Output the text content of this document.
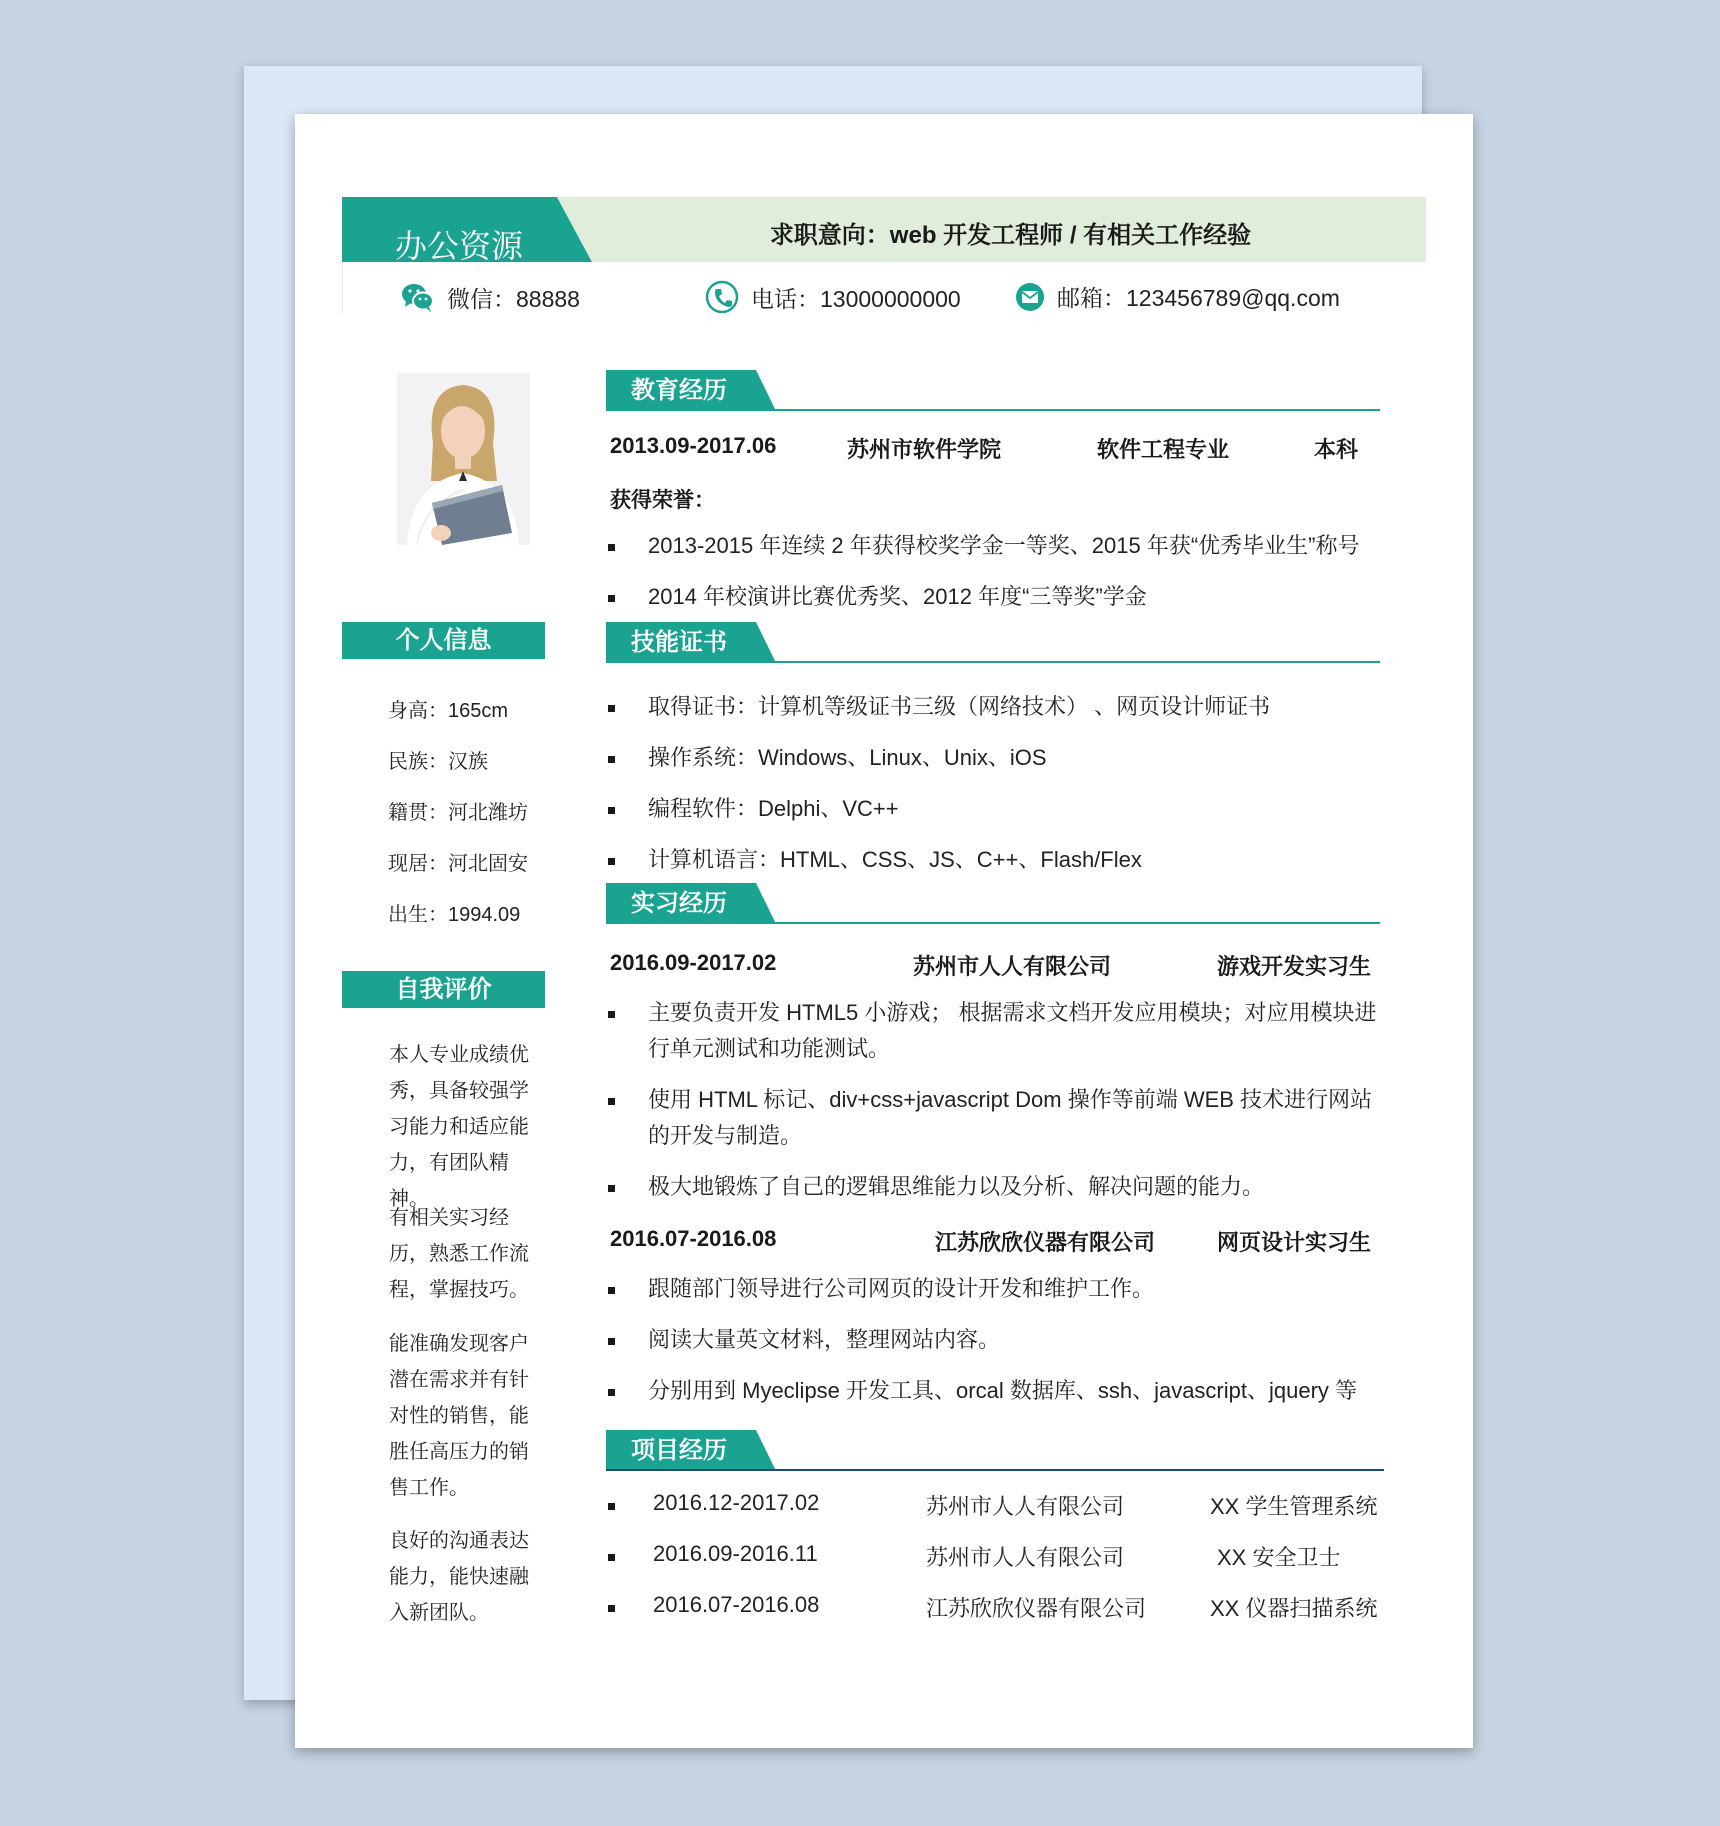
办公资源	求职意向：web 开发工程师 / 有相关工作经验
微信：88888	电话：13000000000	邮箱：123456789@qq.com
个人信息
身高：165cm
民族：汉族
籍贯：河北潍坊
现居：河北固安
出生：1994.09
自我评价
本人专业成绩优
秀，具备较强学
习能力和适应能
力，有团队精神。
有相关实习经
历，熟悉工作流
程，掌握技巧。
能准确发现客户
潜在需求并有针
对性的销售，能
胜任高压力的销
售工作。
良好的沟通表达
能力，能快速融
入新团队。
教育经历
2013.09-2017.06	苏州市软件学院	软件工程专业	本科
获得荣誉：
2013-2015 年连续 2 年获得校奖学金一等奖、2015 年获“优秀毕业生”称号
2014 年校演讲比赛优秀奖、2012 年度“三等奖”学金
技能证书
取得证书：计算机等级证书三级（网络技术） 、网页设计师证书
操作系统：Windows、Linux、Unix、iOS
编程软件：Delphi、VC++
计算机语言：HTML、CSS、JS、C++、Flash/Flex
实习经历
2016.09-2017.02	苏州市人人有限公司	游戏开发实习生
主要负责开发 HTML5 小游戏； 根据需求文档开发应用模块；对应用模块进行单元测试和功能测试。
使用 HTML 标记、div+css+javascript Dom 操作等前端 WEB 技术进行网站的开发与制造。
极大地锻炼了自己的逻辑思维能力以及分析、解决问题的能力。
2016.07-2016.08	江苏欣欣仪器有限公司	网页设计实习生
跟随部门领导进行公司网页的设计开发和维护工作。
阅读大量英文材料，整理网站内容。
分别用到 Myeclipse 开发工具、orcal 数据库、ssh、javascript、jquery 等
项目经历
2016.12-2017.02	苏州市人人有限公司	XX 学生管理系统
2016.09-2016.11	苏州市人人有限公司	XX 安全卫士
2016.07-2016.08	江苏欣欣仪器有限公司	XX 仪器扫描系统
